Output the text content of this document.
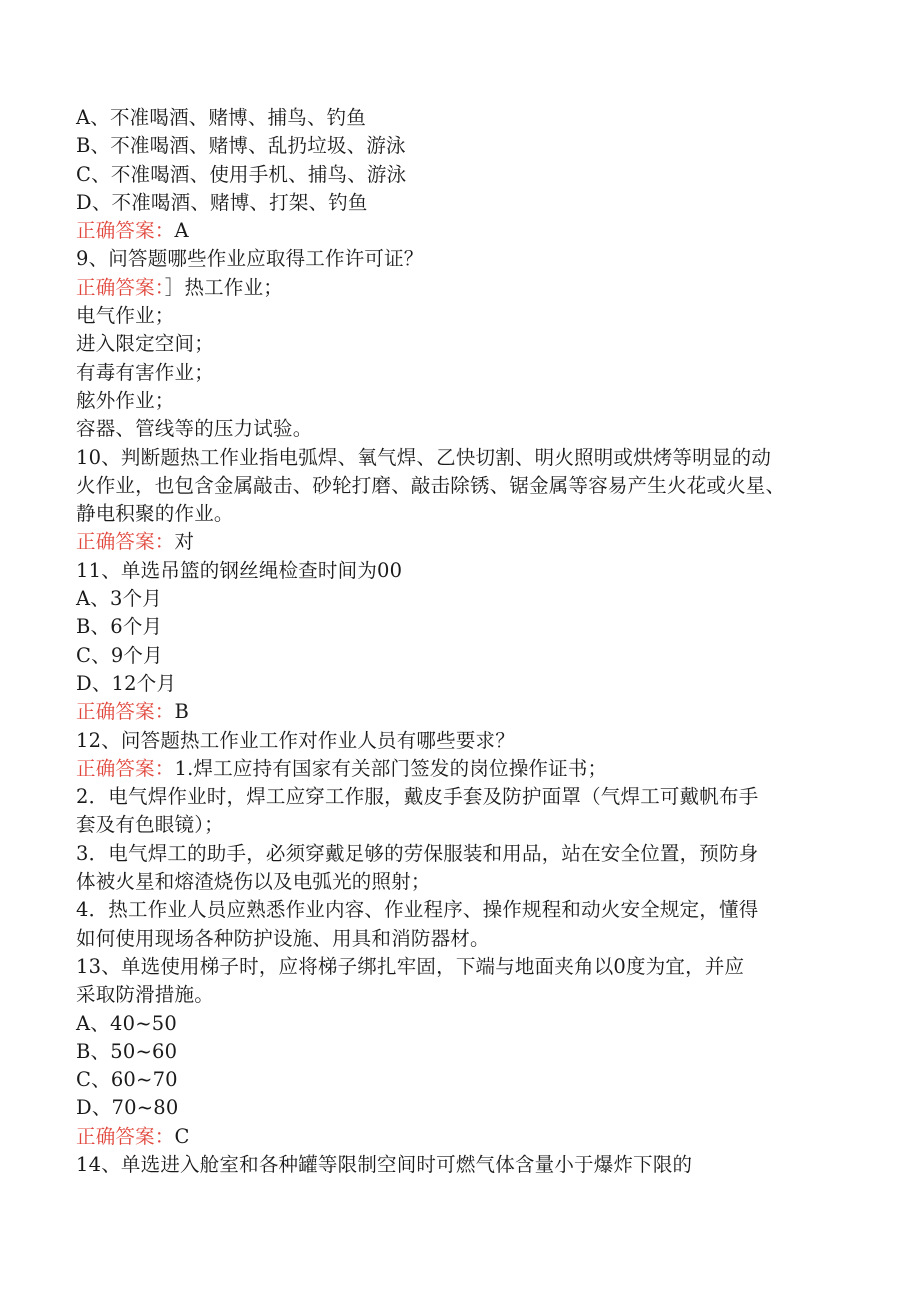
A、不准喝酒、赌博、捕鸟、钓鱼
B、不准喝酒、赌博、乱扔垃圾、游泳
C、不准喝酒、使用手机、捕鸟、游泳
D、不准喝酒、赌博、打架、钓鱼
正确答案：A
9、问答题哪些作业应取得工作许可证？
正确答案：］热工作业；
电气作业；
进入限定空间；
有毒有害作业；
舷外作业；
容器、管线等的压力试验。
10、判断题热工作业指电弧焊、氧气焊、乙快切割、明火照明或烘烤等明显的动
火作业，也包含金属敲击、砂轮打磨、敲击除锈、锯金属等容易产生火花或火星、
静电积聚的作业。
正确答案：对
11、单选吊篮的钢丝绳检查时间为00
A、3个月
B、6个月
C、9个月
D、12个月
正确答案：B
12、问答题热工作业工作对作业人员有哪些要求？
正确答案：1.焊工应持有国家有关部门签发的岗位操作证书；
2．电气焊作业时，焊工应穿工作服，戴皮手套及防护面罩（气焊工可戴帆布手
套及有色眼镜）；
3．电气焊工的助手，必须穿戴足够的劳保服装和用品，站在安全位置，预防身
体被火星和熔渣烧伤以及电弧光的照射；
4．热工作业人员应熟悉作业内容、作业程序、操作规程和动火安全规定，懂得
如何使用现场各种防护设施、用具和消防器材。
13、单选使用梯子时，应将梯子绑扎牢固，下端与地面夹角以0度为宜，并应
采取防滑措施。
A、40~50
B、50~60
C、60~70
D、70~80
正确答案：C
14、单选进入舱室和各种罐等限制空间时可燃气体含量小于爆炸下限的
